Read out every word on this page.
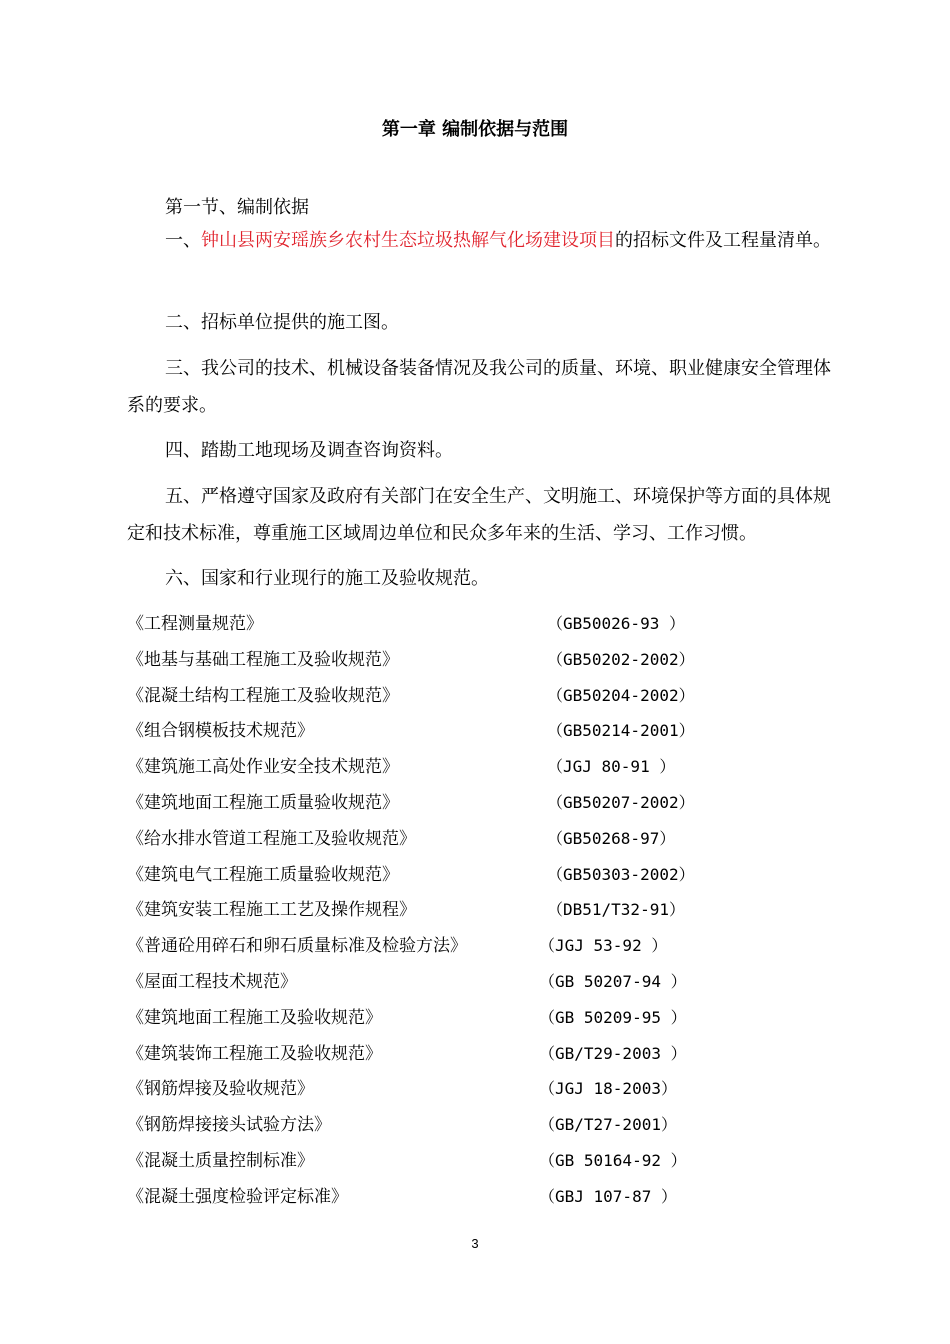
第一章 编制依据与范围
第一节、编制依据
一、钟山县两安瑶族乡农村生态垃圾热解气化场建设项目的招标文件及工程量清单。
二、招标单位提供的施工图。
三、我公司的技术、机械设备装备情况及我公司的质量、环境、职业健康安全管理体系的要求。
四、踏勘工地现场及调查咨询资料。
五、严格遵守国家及政府有关部门在安全生产、文明施工、环境保护等方面的具体规定和技术标准，尊重施工区域周边单位和民众多年来的生活、学习、工作习惯。
六、国家和行业现行的施工及验收规范。
《工程测量规范》	（GB50026-93 ）
《地基与基础工程施工及验收规范》	（GB50202-2002）
《混凝土结构工程施工及验收规范》	（GB50204-2002）
《组合钢模板技术规范》	（GB50214-2001）
《建筑施工高处作业安全技术规范》	（JGJ 80-91 ）
《建筑地面工程施工质量验收规范》	（GB50207-2002）
《给水排水管道工程施工及验收规范》	（GB50268-97）
《建筑电气工程施工质量验收规范》	（GB50303-2002）
《建筑安装工程施工工艺及操作规程》	（DB51/T32-91）
《普通砼用碎石和卵石质量标准及检验方法》	（JGJ 53-92 ）
《屋面工程技术规范》	（GB 50207-94 ）
《建筑地面工程施工及验收规范》	（GB 50209-95 ）
《建筑装饰工程施工及验收规范》	（GB/T29-2003 ）
《钢筋焊接及验收规范》	（JGJ 18-2003）
《钢筋焊接接头试验方法》	（GB/T27-2001）
《混凝土质量控制标准》	（GB 50164-92 ）
《混凝土强度检验评定标准》	（GBJ 107-87 ）
3
